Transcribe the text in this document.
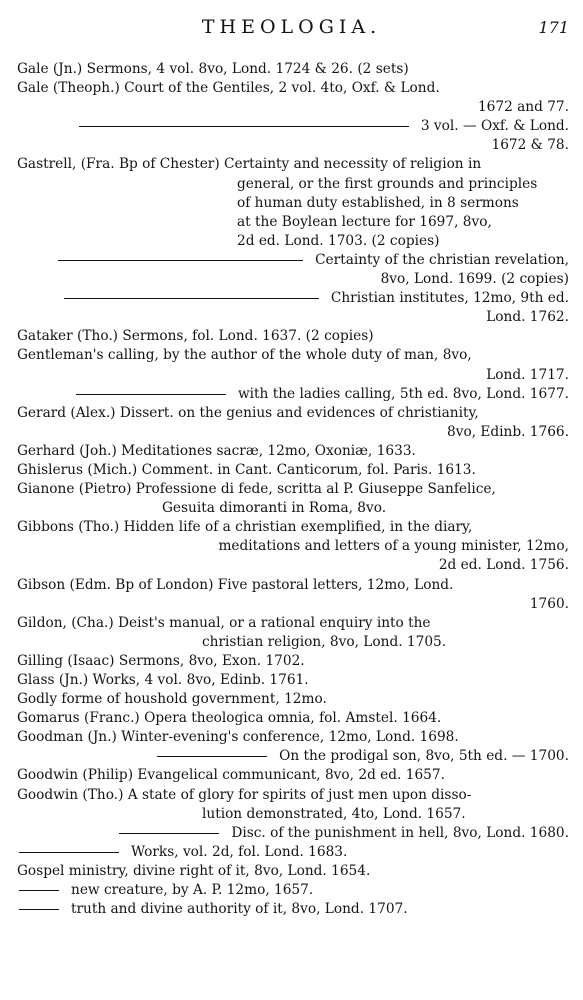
THEOLOGIA.	171
Gale (Jn.) Sermons, 4 vol. 8vo, Lond. 1724 & 26. (2 sets)
Gale (Theoph.) Court of the Gentiles, 2 vol. 4to, Oxf. & Lond.
1672 and 77.
3 vol. — Oxf. & Lond.
1672 & 78.
Gastrell, (Fra. Bp of Chester) Certainty and necessity of religion in
general, or the first grounds and principles
of human duty established, in 8 sermons
at the Boylean lecture for 1697, 8vo,
2d ed. Lond. 1703. (2 copies)
Certainty of the christian revelation,
8vo, Lond. 1699. (2 copies)
Christian institutes, 12mo, 9th ed.
Lond. 1762.
Gataker (Tho.) Sermons, fol. Lond. 1637. (2 copies)
Gentleman's calling, by the author of the whole duty of man, 8vo,
Lond. 1717.
with the ladies calling, 5th ed. 8vo, Lond. 1677.
Gerard (Alex.) Dissert. on the genius and evidences of christianity,
8vo, Edinb. 1766.
Gerhard (Joh.) Meditationes sacræ, 12mo, Oxoniæ, 1633.
Ghislerus (Mich.) Comment. in Cant. Canticorum, fol. Paris. 1613.
Gianone (Pietro) Professione di fede, scritta al P. Giuseppe Sanfelice,
Gesuita dimoranti in Roma, 8vo.
Gibbons (Tho.) Hidden life of a christian exemplified, in the diary,
meditations and letters of a young minister, 12mo,
2d ed. Lond. 1756.
Gibson (Edm. Bp of London) Five pastoral letters, 12mo, Lond.
1760.
Gildon, (Cha.) Deist's manual, or a rational enquiry into the
christian religion, 8vo, Lond. 1705.
Gilling (Isaac) Sermons, 8vo, Exon. 1702.
Glass (Jn.) Works, 4 vol. 8vo, Edinb. 1761.
Godly forme of houshold government, 12mo.
Gomarus (Franc.) Opera theologica omnia, fol. Amstel. 1664.
Goodman (Jn.) Winter-evening's conference, 12mo, Lond. 1698.
On the prodigal son, 8vo, 5th ed. — 1700.
Goodwin (Philip) Evangelical communicant, 8vo, 2d ed. 1657.
Goodwin (Tho.) A state of glory for spirits of just men upon disso-
lution demonstrated, 4to, Lond. 1657.
Disc. of the punishment in hell, 8vo, Lond. 1680.
Works, vol. 2d, fol. Lond. 1683.
Gospel ministry, divine right of it, 8vo, Lond. 1654.
new creature, by A. P. 12mo, 1657.
truth and divine authority of it, 8vo, Lond. 1707.
